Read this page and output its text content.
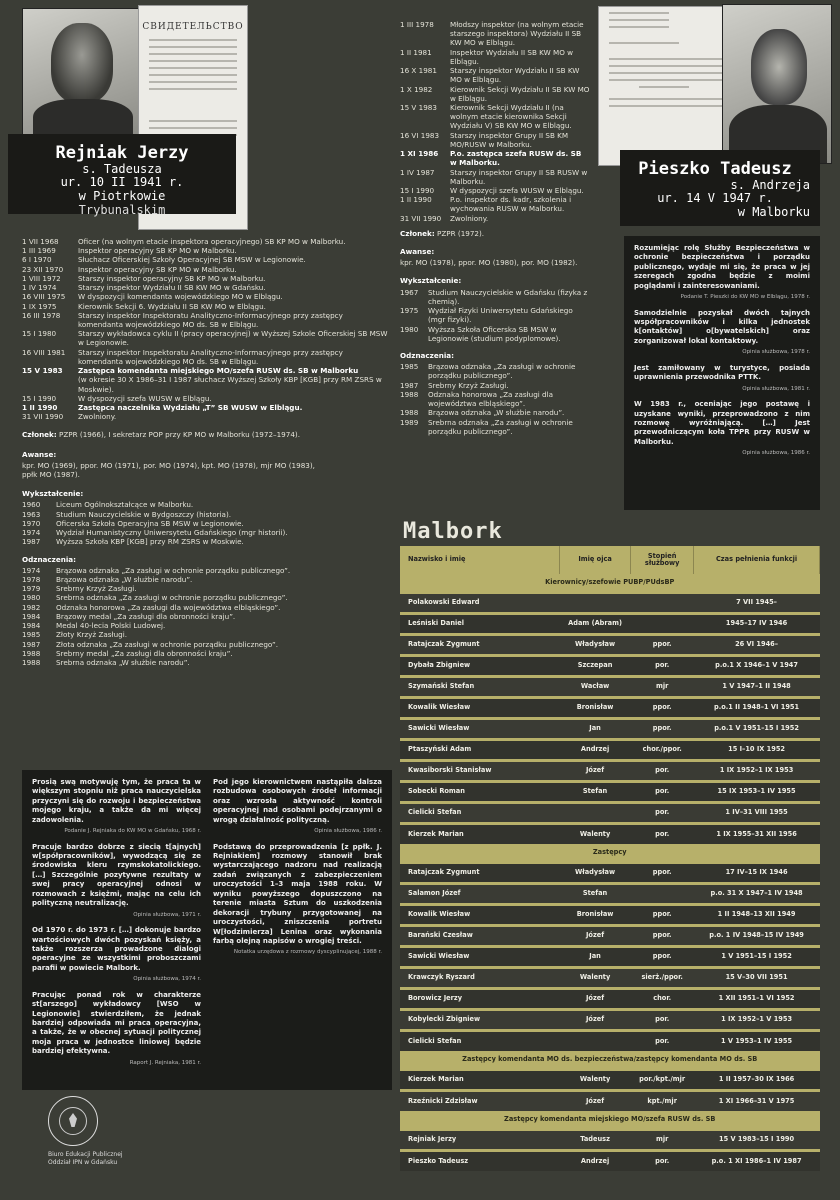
СВИДЕТЕЛЬСТВО
Rejniak Jerzy
s. Tadeusza
ur. 10 II 1941 r.
w Piotrkowie
Trybunalskim
1 VII 1968	Oficer (na wolnym etacie inspektora operacyjnego) SB KP MO w Malborku.
1 III 1969	Inspektor operacyjny SB KP MO w Malborku.
6 I 1970	Słuchacz Oficerskiej Szkoły Operacyjnej SB MSW w Legionowie.
23 XII 1970	Inspektor operacyjny SB KP MO w Malborku.
1 VIII 1972	Starszy inspektor operacyjny SB KP MO w Malborku.
1 IV 1974	Starszy inspektor Wydziału II SB KW MO w Gdańsku.
16 VIII 1975	W dyspozycji komendanta wojewódzkiego MO w Elblągu.
1 IX 1975	Kierownik Sekcji 6. Wydziału II SB KW MO w Elblągu.
16 III 1978	Starszy inspektor Inspektoratu Analityczno-Informacyjnego przy zastępcy komendanta wojewódzkiego MO ds. SB w Elblągu.
15 I 1980	Starszy wykładowca cyklu II (pracy operacyjnej) w Wyższej Szkole Oficerskiej SB MSW w Legionowie.
16 VIII 1981	Starszy inspektor Inspektoratu Analityczno-Informacyjnego przy zastępcy komendanta wojewódzkiego MO ds. SB w Elblągu.
15 V 1983	Zastępca komendanta miejskiego MO/szefa RUSW ds. SB w Malborku
(w okresie 30 X 1986–31 I 1987 słuchacz Wyższej Szkoły KBP [KGB] przy RM ZSRS w Moskwie).
15 I 1990	W dyspozycji szefa WUSW w Elblągu.
1 II 1990	Zastępca naczelnika Wydziału „T” SB WUSW w Elblągu.
31 VII 1990	Zwolniony.
Członek: PZPR (1966), I sekretarz POP przy KP MO w Malborku (1972–1974).
Awanse:
kpr. MO (1969), ppor. MO (1971), por. MO (1974), kpt. MO (1978), mjr MO (1983), ppłk MO (1987).
Wykształcenie:
1960	Liceum Ogólnokształcące w Malborku.
1963	Studium Nauczycielskie w Bydgoszczy (historia).
1970	Oficerska Szkoła Operacyjna SB MSW w Legionowie.
1974	Wydział Humanistyczny Uniwersytetu Gdańskiego (mgr historii).
1987	Wyższa Szkoła KBP [KGB] przy RM ZSRS w Moskwie.
Odznaczenia:
1974	Brązowa odznaka „Za zasługi w ochronie porządku publicznego”.
1978	Brązowa odznaka „W służbie narodu”.
1979	Srebrny Krzyż Zasługi.
1980	Srebrna odznaka „Za zasługi w ochronie porządku publicznego”.
1982	Odznaka honorowa „Za zasługi dla województwa elbląskiego”.
1984	Brązowy medal „Za zasługi dla obronności kraju”.
1984	Medal 40-lecia Polski Ludowej.
1985	Złoty Krzyż Zasługi.
1987	Złota odznaka „Za zasługi w ochronie porządku publicznego”.
1988	Srebrny medal „Za zasługi dla obronności kraju”.
1988	Srebrna odznaka „W służbie narodu”.
Prosią swą motywuję tym, że praca ta w większym stopniu niż praca nauczycielska przyczyni się do rozwoju i bezpieczeństwa mojego kraju, a także da mi więcej zadowolenia.
Podanie J. Rejniaka do KW MO w Gdańsku, 1968 r.
Pracuje bardzo dobrze z siecią t[ajnych] w[spółpracowników], wywodzącą się ze środowiska kleru rzymskokatolickiego. […] Szczególnie pozytywne rezultaty w swej pracy operacyjnej odnosi w rozmowach z księżmi, mając na celu ich polityczną neutralizację.
Opinia służbowa, 1971 r.
Od 1970 r. do 1973 r. […] dokonuje bardzo wartościowych dwóch pozyskań księży, a także rozszerza prowadzone dialogi operacyjne ze wszystkimi proboszczami parafii w powiecie Malbork.
Opinia służbowa, 1974 r.
Pracując ponad rok w charakterze st[arszego] wykładowcy [WSO w Legionowie] stwierdziłem, że jednak bardziej odpowiada mi praca operacyjna, a także, że w obecnej sytuacji politycznej moja praca w jednostce liniowej będzie bardziej efektywna.
Raport J. Rejniaka, 1981 r.
Pod jego kierownictwem nastąpiła dalsza rozbudowa osobowych źródeł informacji oraz wzrosła aktywność kontroli operacyjnej nad osobami podejrzanymi o wrogą działalność polityczną.
Opinia służbowa, 1986 r.
Podstawą do przeprowadzenia [z ppłk. J. Rejniakiem] rozmowy stanowił brak wystarczającego nadzoru nad realizacją zadań związanych z zabezpieczeniem uroczystości 1–3 maja 1988 roku. W wyniku powyższego dopuszczono na terenie miasta Sztum do uszkodzenia dekoracji trybuny przygotowanej na uroczystości, zniszczenia portretu W[łodzimierza] Lenina oraz wykonania farbą olejną napisów o wrogiej treści.
Notatka urzędowa z rozmowy dyscyplinującej, 1988 r.
Biuro Edukacji Publicznej
Oddział IPN w Gdańsku
1 III 1978	Młodszy inspektor (na wolnym etacie starszego inspektora) Wydziału II SB KW MO w Elblągu.
1 II 1981	Inspektor Wydziału II SB KW MO w Elblągu.
16 X 1981	Starszy inspektor Wydziału II SB KW MO w Elblągu.
1 X 1982	Kierownik Sekcji Wydziału II SB KW MO w Elblągu.
15 V 1983	Kierownik Sekcji Wydziału II (na wolnym etacie kierownika Sekcji Wydziału V) SB KW MO w Elblągu.
16 VI 1983	Starszy inspektor Grupy II SB KM MO/RUSW w Malborku.
1 XI 1986	P.o. zastępca szefa RUSW ds. SB w Malborku.
1 IV 1987	Starszy inspektor Grupy II SB RUSW w Malborku.
15 I 1990	W dyspozycji szefa WUSW w Elblągu.
1 II 1990	P.o. inspektor ds. kadr, szkolenia i wychowania RUSW w Malborku.
31 VII 1990	Zwolniony.
Członek: PZPR (1972).
Awanse:
kpr. MO (1978), ppor. MO (1980), por. MO (1982).
Wykształcenie:
1967	Studium Nauczycielskie w Gdańsku (fizyka z chemią).
1975	Wydział Fizyki Uniwersytetu Gdańskiego (mgr fizyki).
1980	Wyższa Szkoła Oficerska SB MSW w Legionowie (studium podyplomowe).
Odznaczenia:
1985	Brązowa odznaka „Za zasługi w ochronie porządku publicznego”.
1987	Srebrny Krzyż Zasługi.
1988	Odznaka honorowa „Za zasługi dla województwa elbląskiego”.
1988	Brązowa odznaka „W służbie narodu”.
1989	Srebrna odznaka „Za zasługi w ochronie porządku publicznego”.
Pieszko Tadeusz
s. Andrzeja
ur. 14 V 1947 r.
w Malborku
Rozumiejąc rolę Służby Bezpieczeństwa w ochronie bezpieczeństwa i porządku publicznego, wydaje mi się, że praca w jej szeregach zgodna będzie z moimi poglądami i zainteresowaniami.
Podanie T. Pieszki do KW MO w Elblągu, 1978 r.
Samodzielnie pozyskał dwóch tajnych współpracowników i kilka jednostek k[ontaktów] o[bywatelskich] oraz zorganizował lokal kontaktowy.
Opinia służbowa, 1978 r.
Jest zamiłowany w turystyce, posiada uprawnienia przewodnika PTTK.
Opinia służbowa, 1981 r.
W 1983 r., oceniając jego postawę i uzyskane wyniki, przeprowadzono z nim rozmowę wyróżniającą. […] Jest przewodniczącym koła TPPR przy RUSW w Malborku.
Opinia służbowa, 1986 r.
Malbork
Nazwisko i imię	Imię ojca	Stopień służbowy	Czas pełnienia funkcji
Kierownicy/szefowie PUBP/PUdsBP			
Polakowski Edward			7 VII 1945–
Leśniski Daniel	Adam (Abram)		1945–17 IV 1946
Ratajczak Zygmunt	Władysław	ppor.	26 VI 1946–
Dybała Zbigniew	Szczepan	por.	p.o.1 X 1946–1 V 1947
Szymański Stefan	Wacław	mjr	1 V 1947–1 II 1948
Kowalik Wiesław	Bronisław	ppor.	p.o.1 II 1948–1 VI 1951
Sawicki Wiesław	Jan	ppor.	p.o.1 V 1951–15 I 1952
Ptaszyński Adam	Andrzej	chor./ppor.	15 I–10 IX 1952
Kwasiborski Stanisław	Józef	por.	1 IX 1952–1 IX 1953
Sobecki Roman	Stefan	por.	15 IX 1953–1 IV 1955
Cielicki Stefan		por.	1 IV–31 VIII 1955
Kierzek Marian	Walenty	por.	1 IX 1955–31 XII 1956
Zastępcy			
Ratajczak Zygmunt	Władysław	ppor.	17 IV–15 IX 1946
Salamon Józef	Stefan		p.o. 31 X 1947–1 IV 1948
Kowalik Wiesław	Bronisław	ppor.	1 II 1948–13 XII 1949
Barański Czesław	Józef	ppor.	p.o. 1 IV 1948–15 IV 1949
Sawicki Wiesław	Jan	ppor.	1 V 1951–15 I 1952
Krawczyk Ryszard	Walenty	sierż./ppor.	15 V–30 VII 1951
Borowicz Jerzy	Józef	chor.	1 XII 1951–1 VI 1952
Kobylecki Zbigniew	Józef	por.	1 IX 1952–1 V 1953
Cielicki Stefan		por.	1 V 1953–1 IV 1955
Zastępcy komendanta MO ds. bezpieczeństwa/zastępcy komendanta MO ds. SB			
Kierzek Marian	Walenty	por./kpt./mjr	1 II 1957–30 IX 1966
Rzeźnicki Zdzisław	Józef	kpt./mjr	1 XI 1966–31 V 1975
Zastępcy komendanta miejskiego MO/szefa RUSW ds. SB			
Rejniak Jerzy	Tadeusz	mjr	15 V 1983–15 I 1990
Pieszko Tadeusz	Andrzej	por.	p.o. 1 XI 1986–1 IV 1987
